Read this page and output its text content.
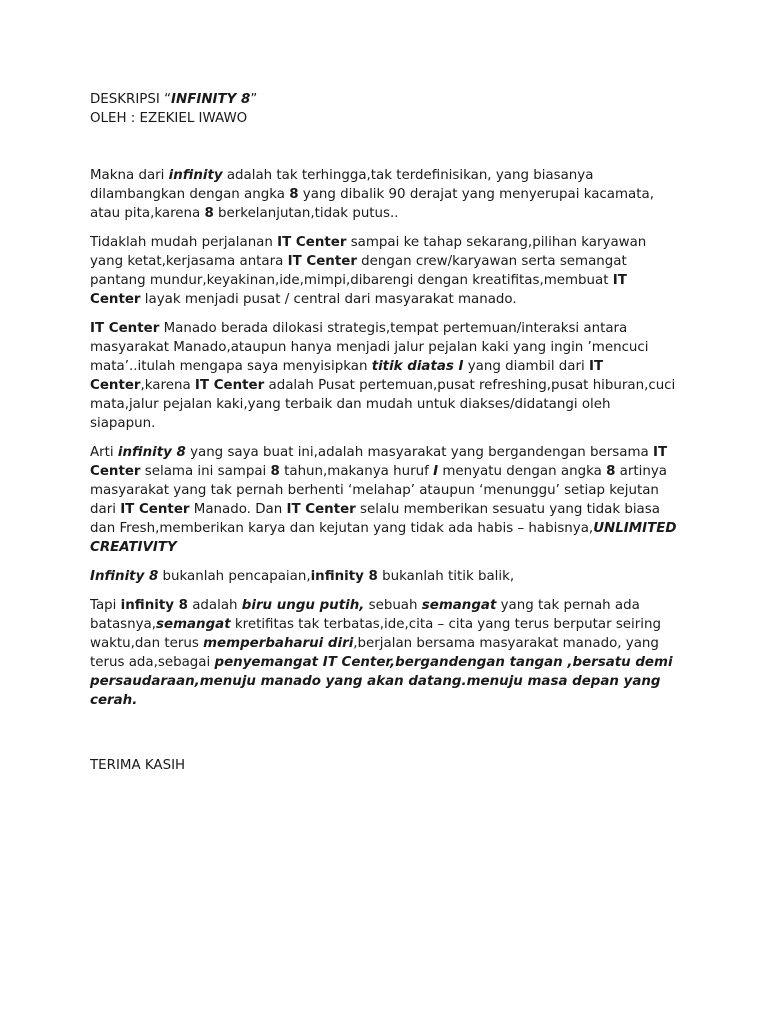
DESKRIPSI “INFINITY 8”

OLEH : EZEKIEL IWAWO

Makna dari infinity adalah tak terhingga,tak terdefinisikan, yang biasanya dilambangkan dengan angka 8 yang dibalik 90 derajat yang menyerupai kacamata, atau pita,karena 8 berkelanjutan,tidak putus..

Tidaklah mudah perjalanan IT Center sampai ke tahap sekarang,pilihan karyawan yang ketat,kerjasama antara IT Center dengan crew/karyawan serta semangat pantang mundur,keyakinan,ide,mimpi,dibarengi dengan kreatifitas,membuat IT Center layak menjadi pusat / central dari masyarakat manado.

IT Center Manado berada dilokasi strategis,tempat pertemuan/interaksi antara masyarakat Manado,ataupun hanya menjadi jalur pejalan kaki yang ingin ’mencuci mata’..itulah mengapa saya menyisipkan titik diatas I yang diambil dari IT Center,karena IT Center adalah Pusat pertemuan,pusat refreshing,pusat hiburan,cuci mata,jalur pejalan kaki,yang terbaik dan mudah untuk diakses/didatangi oleh siapapun.

Arti infinity 8 yang saya buat ini,adalah masyarakat yang bergandengan bersama IT Center selama ini sampai 8 tahun,makanya huruf I menyatu dengan angka 8 artinya masyarakat yang tak pernah berhenti ‘melahap’ ataupun ‘menunggu’ setiap kejutan dari IT Center Manado. Dan IT Center selalu memberikan sesuatu yang tidak biasa dan Fresh,memberikan karya dan kejutan yang tidak ada habis – habisnya,UNLIMITED CREATIVITY

Infinity 8 bukanlah pencapaian,infinity 8 bukanlah titik balik,

Tapi infinity 8 adalah biru ungu putih, sebuah semangat yang tak pernah ada batasnya,semangat kretifitas tak terbatas,ide,cita – cita yang terus berputar seiring waktu,dan terus memperbaharui diri,berjalan bersama masyarakat manado, yang terus ada,sebagai penyemangat IT Center,bergandengan tangan ,bersatu demi persaudaraan,menuju manado yang akan datang.menuju masa depan yang cerah.

TERIMA KASIH
